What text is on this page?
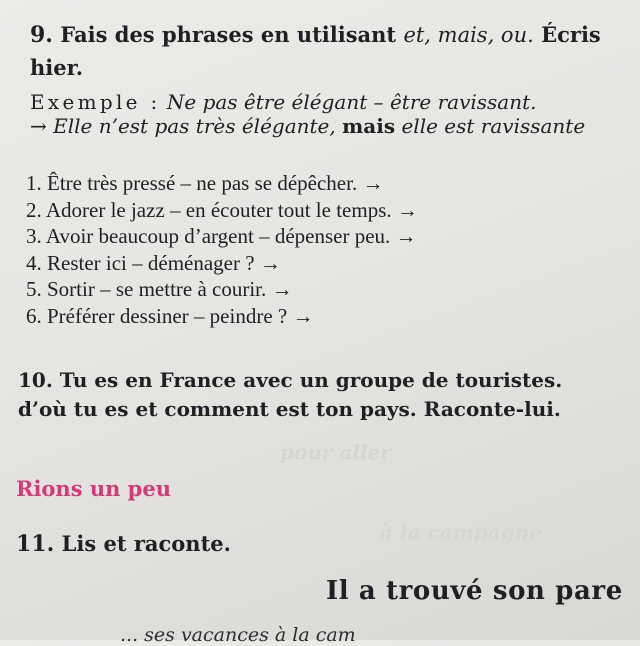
à la campagne
pour aller
9. Fais des phrases en utilisant et, mais, ou. Écris
hier.
Exemple : Ne pas être élégant – être ravissant.
→ Elle n’est pas très élégante, mais elle est ravissante
1. Être très pressé – ne pas se dépêcher. →
2. Adorer le jazz – en écouter tout le temps. →
3. Avoir beaucoup d’argent – dépenser peu. →
4. Rester ici – déménager ? →
5. Sortir – se mettre à courir. →
6. Préférer dessiner – peindre ? →
10. Tu es en France avec un groupe de touristes.
d’où tu es et comment est ton pays. Raconte-lui.
Rions un peu
11. Lis et raconte.
Il a trouvé son pare
... ses vacances à la cam
